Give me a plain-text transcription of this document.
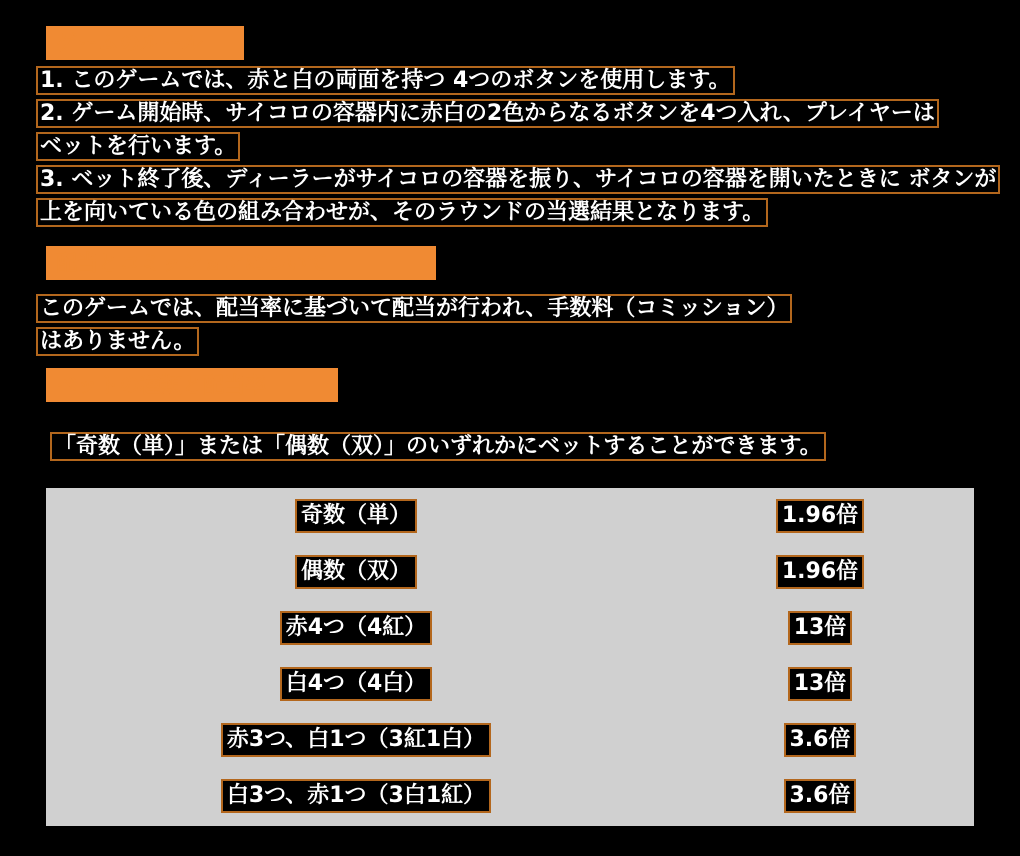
ゲームのルール
1. このゲームでは、赤と白の両面を持つ 4つのボタンを使用します。
2. ゲーム開始時、サイコロの容器内に赤白の2色からなるボタンを4つ入れ、プレイヤーは
ベットを行います。
3. ベット終了後、ディーラーがサイコロの容器を振り、サイコロの容器を開いたときに ボタンが
上を向いている色の組み合わせが、そのラウンドの当選結果となります。
配当とコミッションについて
このゲームでは、配当率に基づいて配当が行われ、手数料（コミッション）
はありません。
ベットの種類と配当率
「奇数（単）」または「偶数（双）」のいずれかにベットすることができます。
奇数（単）	1.96倍
偶数（双）	1.96倍
赤4つ（4紅）	13倍
白4つ（4白）	13倍
赤3つ、白1つ（3紅1白）	3.6倍
白3つ、赤1つ（3白1紅）	3.6倍
